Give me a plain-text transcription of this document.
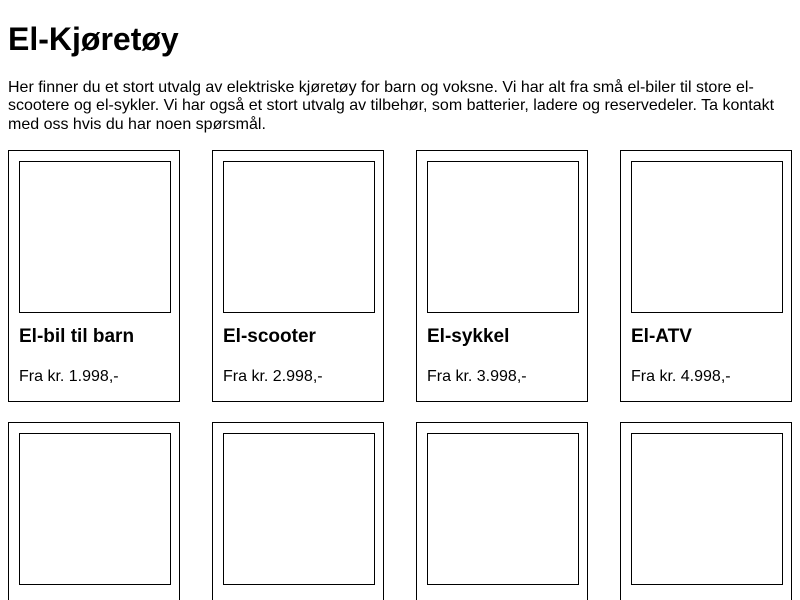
El-Kjøretøy

Her finner du et stort utvalg av elektriske kjøretøy for barn og voksne. Vi har alt fra små el-biler til store el-scootere og el-sykler. Vi har også et stort utvalg av tilbehør, som batterier, ladere og reservedeler. Ta kontakt med oss hvis du har noen spørsmål.

El-bil til barn

Fra kr. 1.998,-

El-scooter

Fra kr. 2.998,-

El-sykkel

Fra kr. 3.998,-

El-ATV

Fra kr. 4.998,-
